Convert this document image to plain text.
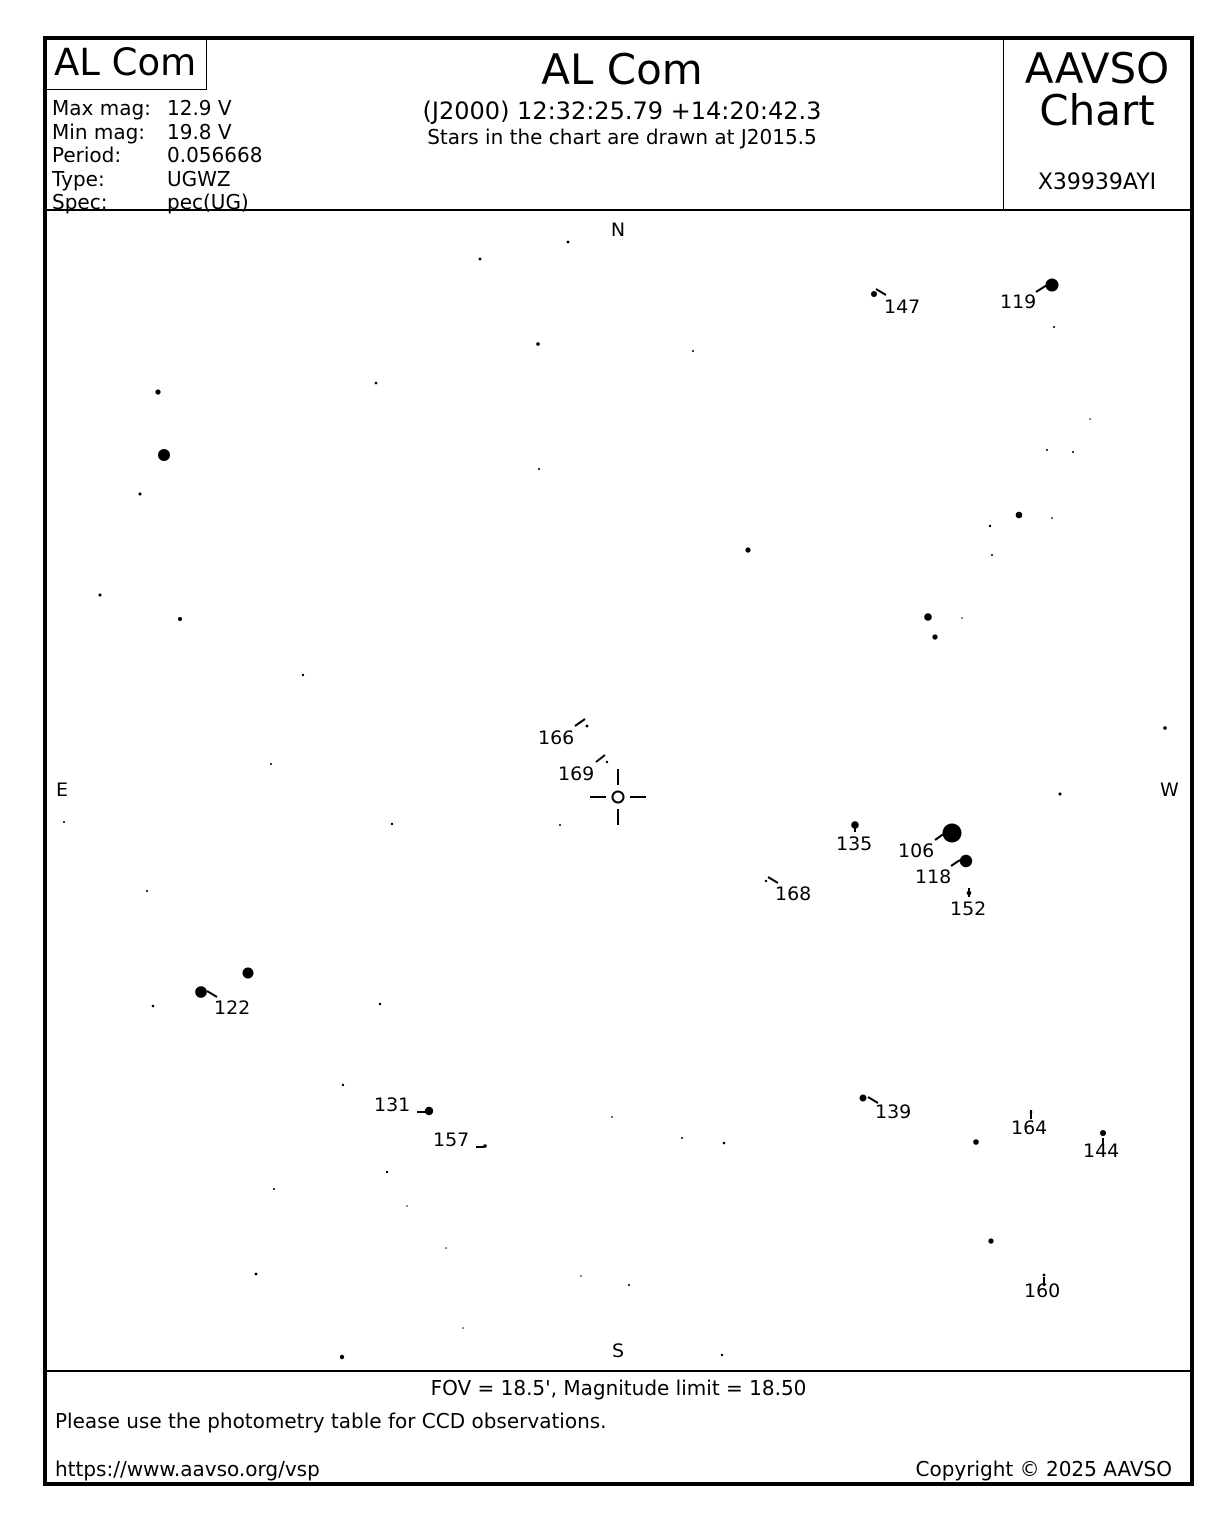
AL Com
Max mag: 12.9 V
Min mag:	19.8 V
Period:	0.056668
Type:	UGWZ
Spec:	pec(UG)
AL Com
(J2000) 12:32:25.79 +14:20:42.3
Stars in the chart are drawn at J2015.5
AAVSO
Chart
X39939AYI
N
S
E	W
147	119
166
169
135 106
118
168
152
122
131
157
139
164
144
160
FOV = 18.5', Magnitude limit = 18.50
Please use the photometry table for CCD observations.
https://www.aavso.org/vsp	Copyright © 2025 AAVSO
